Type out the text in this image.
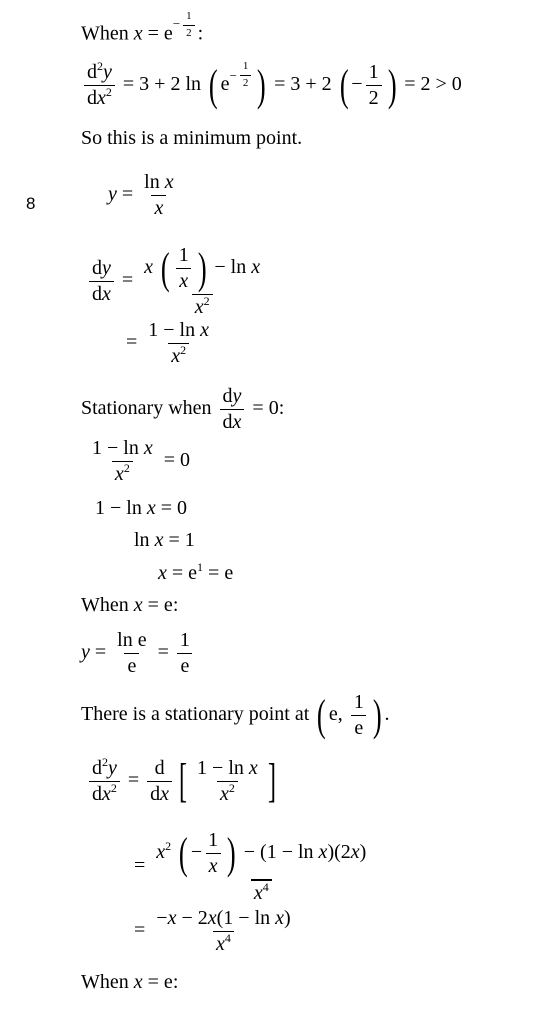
When $x = e^- \frac{1}{2}$ :
$\frac{d^2y}{dx^2} = 3 + 2$ ln ( $e^- \frac{1}{2}$ ) = 3 + 2 ( − $\frac{1}{2}$ ) = 2 > 0
So this is a minimum point.
8	$y = \frac{\text{ln x}}{x}$
$\frac{dy}{dx} = \frac{x ( \frac{1}{x} ) - \ln x}{x^2}$
= $\frac{\text{1 − ln x}}{x^2}$
Stationary when $\frac{dy}{dx} = 0$:
$\frac{\text{1 − ln x}}{x^2} = 0$
1 − ln x = 0
ln x = 1
$x = e^1 = e$
When x = e:
$y = \frac{\text{ln e}}{e} = \frac{1}{e}$
There is a stationary point at ( e, $\frac{1}{e}$ ) .
$\frac{d^2y}{dx^2} = \frac{d}{dx}$ [ $\frac{\text{1 − ln x}}{x^2}$ ]
= $\frac{x^2 ( - \frac{1}{x} ) - (1 - \ln x)(2x)}{x^4}$
= $\frac{\text{−x − 2x(1 − ln x)}}{x^4}$
When x = e:
